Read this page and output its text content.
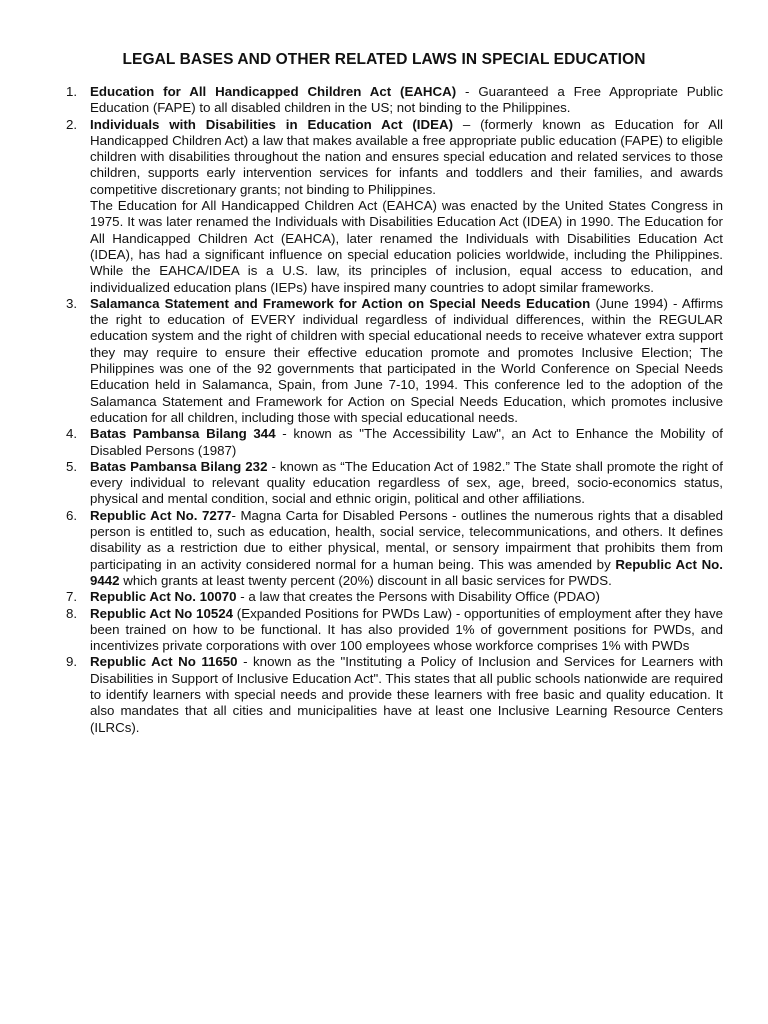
LEGAL BASES AND OTHER RELATED LAWS IN SPECIAL EDUCATION
1. Education for All Handicapped Children Act (EAHCA) - Guaranteed a Free Appropriate Public Education (FAPE) to all disabled children in the US; not binding to the Philippines.
2. Individuals with Disabilities in Education Act (IDEA) – (formerly known as Education for All Handicapped Children Act) a law that makes available a free appropriate public education (FAPE) to eligible children with disabilities throughout the nation and ensures special education and related services to those children, supports early intervention services for infants and toddlers and their families, and awards competitive discretionary grants; not binding to Philippines.

The Education for All Handicapped Children Act (EAHCA) was enacted by the United States Congress in 1975. It was later renamed the Individuals with Disabilities Education Act (IDEA) in 1990. The Education for All Handicapped Children Act (EAHCA), later renamed the Individuals with Disabilities Education Act (IDEA), has had a significant influence on special education policies worldwide, including the Philippines. While the EAHCA/IDEA is a U.S. law, its principles of inclusion, equal access to education, and individualized education plans (IEPs) have inspired many countries to adopt similar frameworks.

3. Salamanca Statement and Framework for Action on Special Needs Education (June 1994) - Affirms the right to education of EVERY individual regardless of individual differences, within the REGULAR education system and the right of children with special educational needs to receive whatever extra support they may require to ensure their effective education promote and promotes Inclusive Election; The Philippines was one of the 92 governments that participated in the World Conference on Special Needs Education held in Salamanca, Spain, from June 7-10, 1994. This conference led to the adoption of the Salamanca Statement and Framework for Action on Special Needs Education, which promotes inclusive education for all children, including those with special educational needs.
4. Batas Pambansa Bilang 344 - known as "The Accessibility Law", an Act to Enhance the Mobility of Disabled Persons (1987)
5. Batas Pambansa Bilang 232 - known as “The Education Act of 1982.” The State shall promote the right of every individual to relevant quality education regardless of sex, age, breed, socio-economics status, physical and mental condition, social and ethnic origin, political and other affiliations.
6. Republic Act No. 7277- Magna Carta for Disabled Persons - outlines the numerous rights that a disabled person is entitled to, such as education, health, social service, telecommunications, and others. It defines disability as a restriction due to either physical, mental, or sensory impairment that prohibits them from participating in an activity considered normal for a human being. This was amended by Republic Act No. 9442 which grants at least twenty percent (20%) discount in all basic services for PWDS.
7. Republic Act No. 10070 - a law that creates the Persons with Disability Office (PDAO)
8. Republic Act No 10524 (Expanded Positions for PWDs Law) - opportunities of employment after they have been trained on how to be functional. It has also provided 1% of government positions for PWDs, and incentivizes private corporations with over 100 employees whose workforce comprises 1% with PWDs
9. Republic Act No 11650 - known as the "Instituting a Policy of Inclusion and Services for Learners with Disabilities in Support of Inclusive Education Act". This states that all public schools nationwide are required to identify learners with special needs and provide these learners with free basic and quality education. It also mandates that all cities and municipalities have at least one Inclusive Learning Resource Centers (ILRCs).
